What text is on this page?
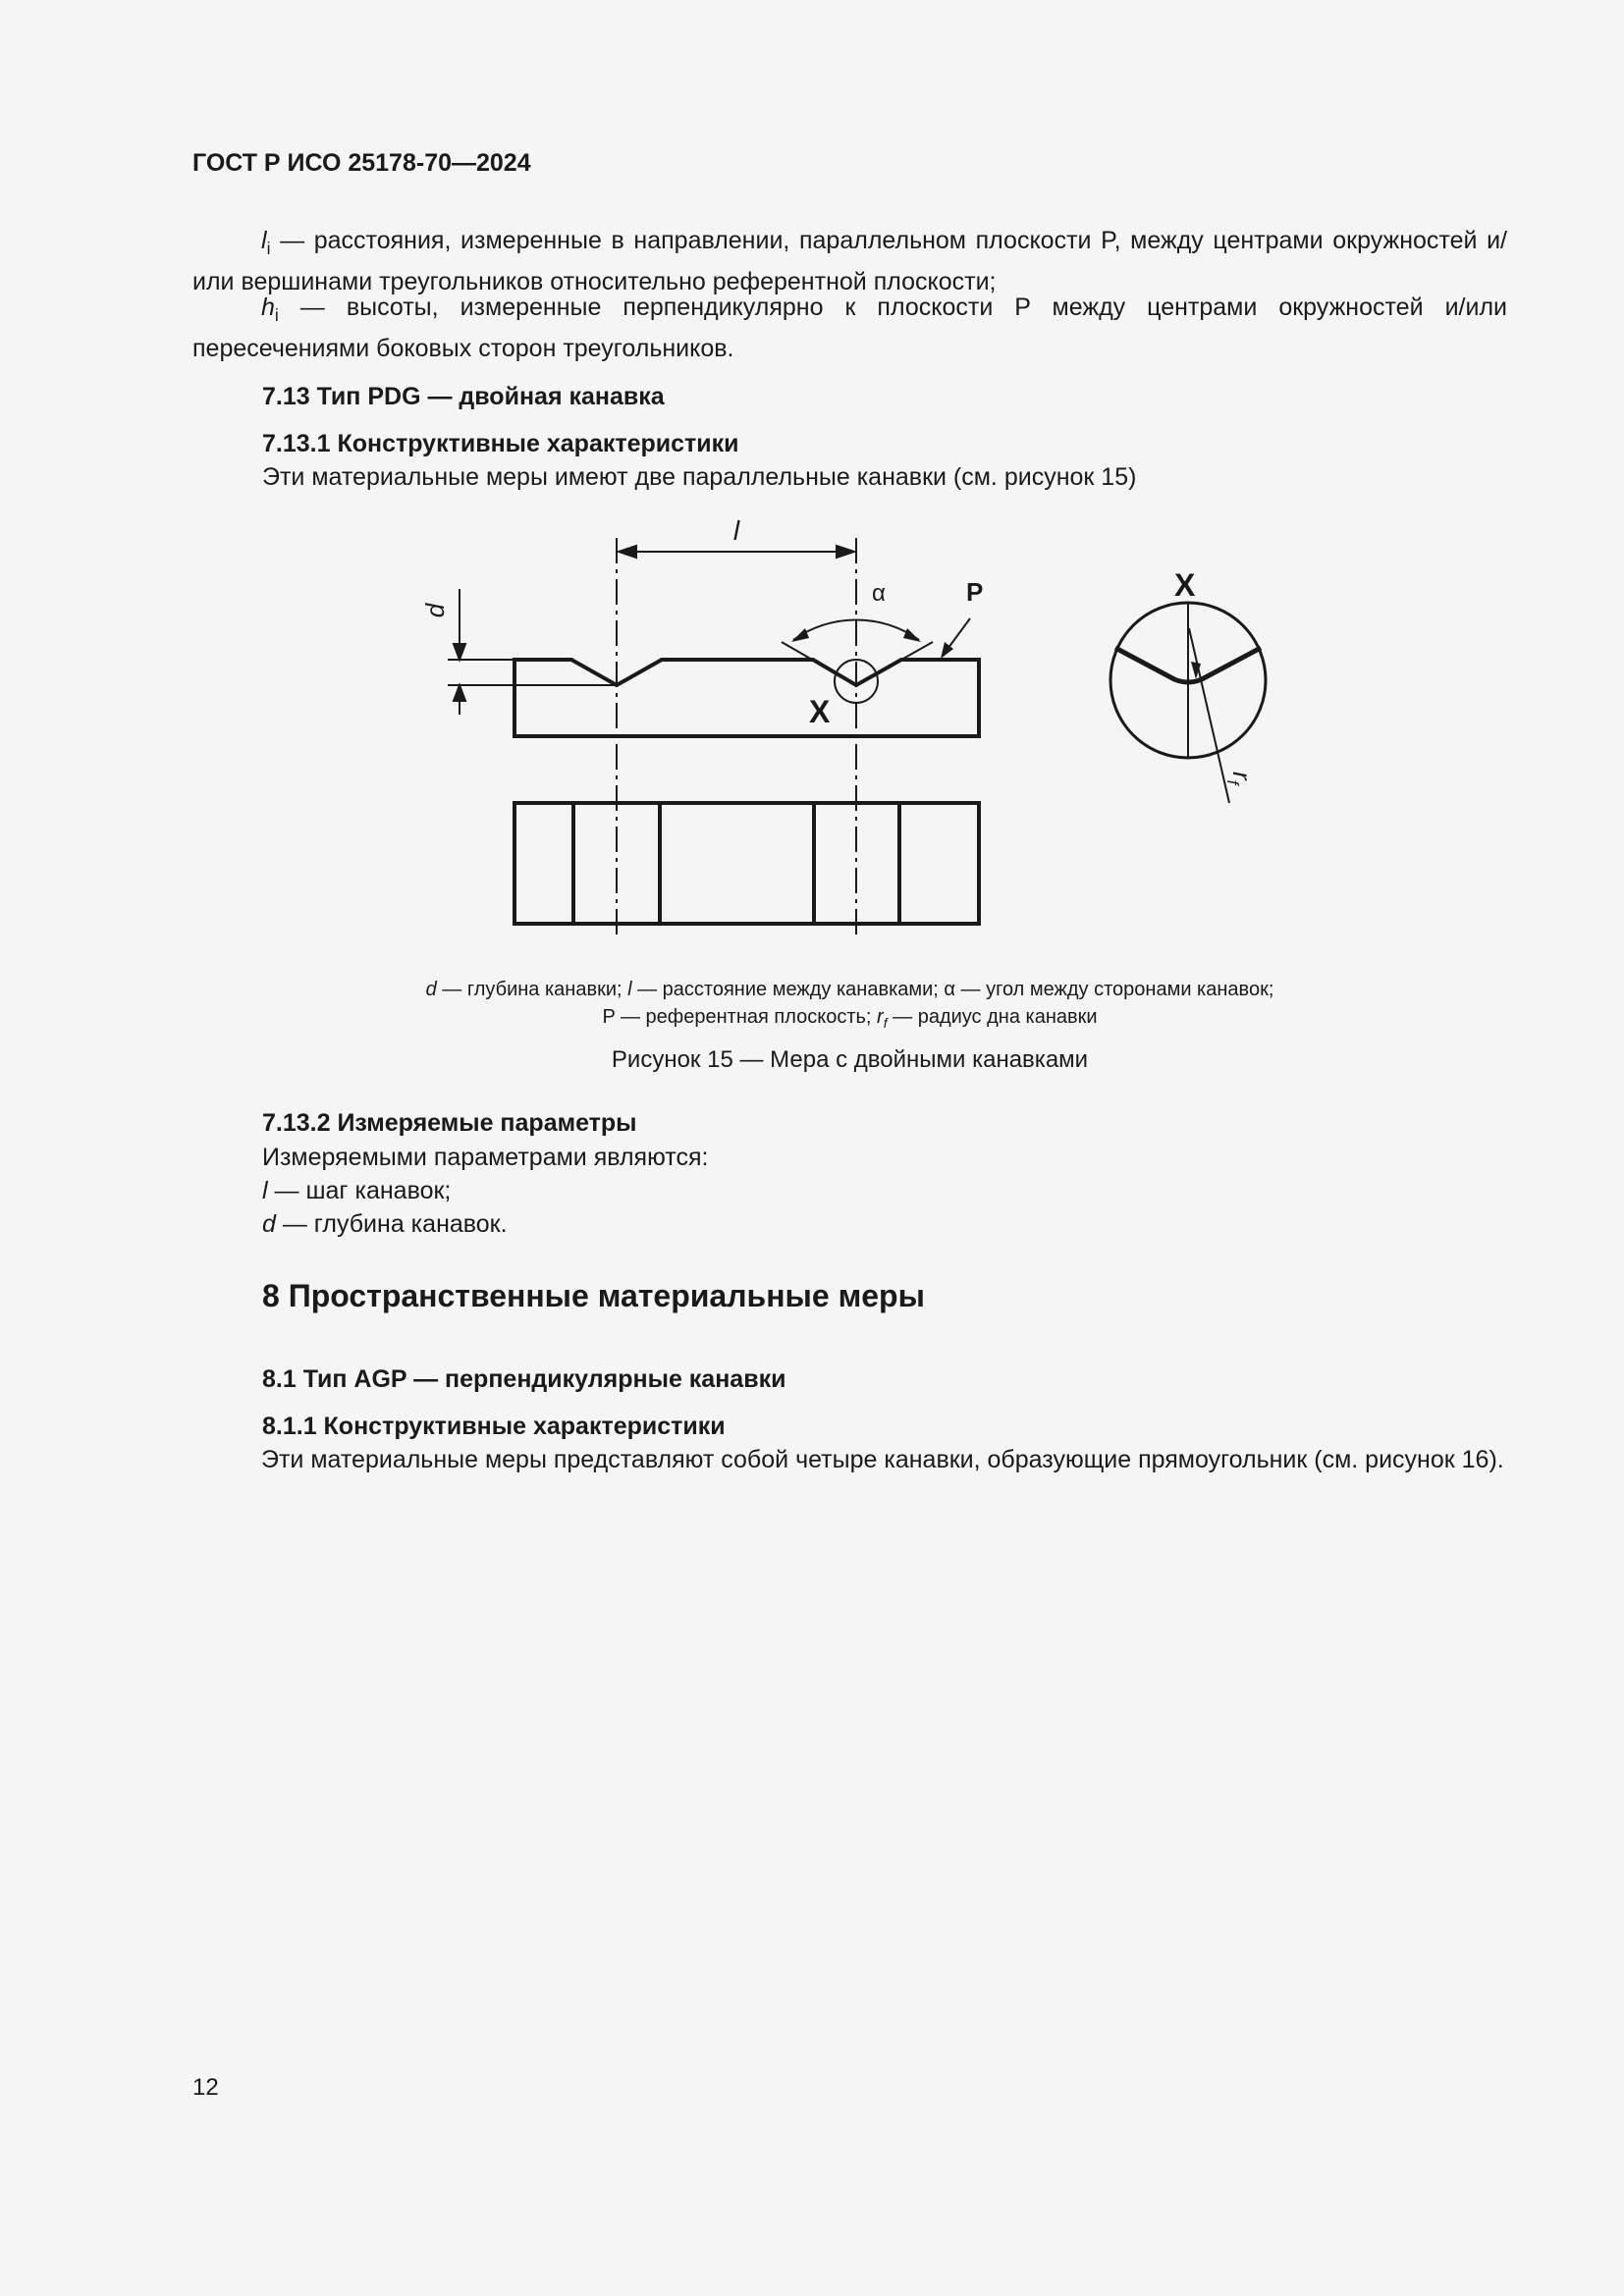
ГОСТ Р ИСО 25178-70—2024
$l_i$ — расстояния, измеренные в направлении, параллельном плоскости P, между центрами окружностей и/или вершинами треугольников относительно референтной плоскости;
$h_i$ — высоты, измеренные перпендикулярно к плоскости P между центрами окружностей и/или пересечениями боковых сторон треугольников.
7.13 Тип PDG — двойная канавка
7.13.1 Конструктивные характеристики
Эти материальные меры имеют две параллельные канавки (см. рисунок 15)
l
d
α	P
X
X
$r_f$
d — глубина канавки; l — расстояние между канавками; α — угол между сторонами канавок;
P — референтная плоскость; $r_f$ — радиус дна канавки
Рисунок 15 — Мера с двойными канавками
7.13.2 Измеряемые параметры
Измеряемыми параметрами являются:
l — шаг канавок;
d — глубина канавок.
8 Пространственные материальные меры
8.1 Тип AGP — перпендикулярные канавки
8.1.1 Конструктивные характеристики
Эти материальные меры представляют собой четыре канавки, образующие прямоугольник (см. рисунок 16).
12
